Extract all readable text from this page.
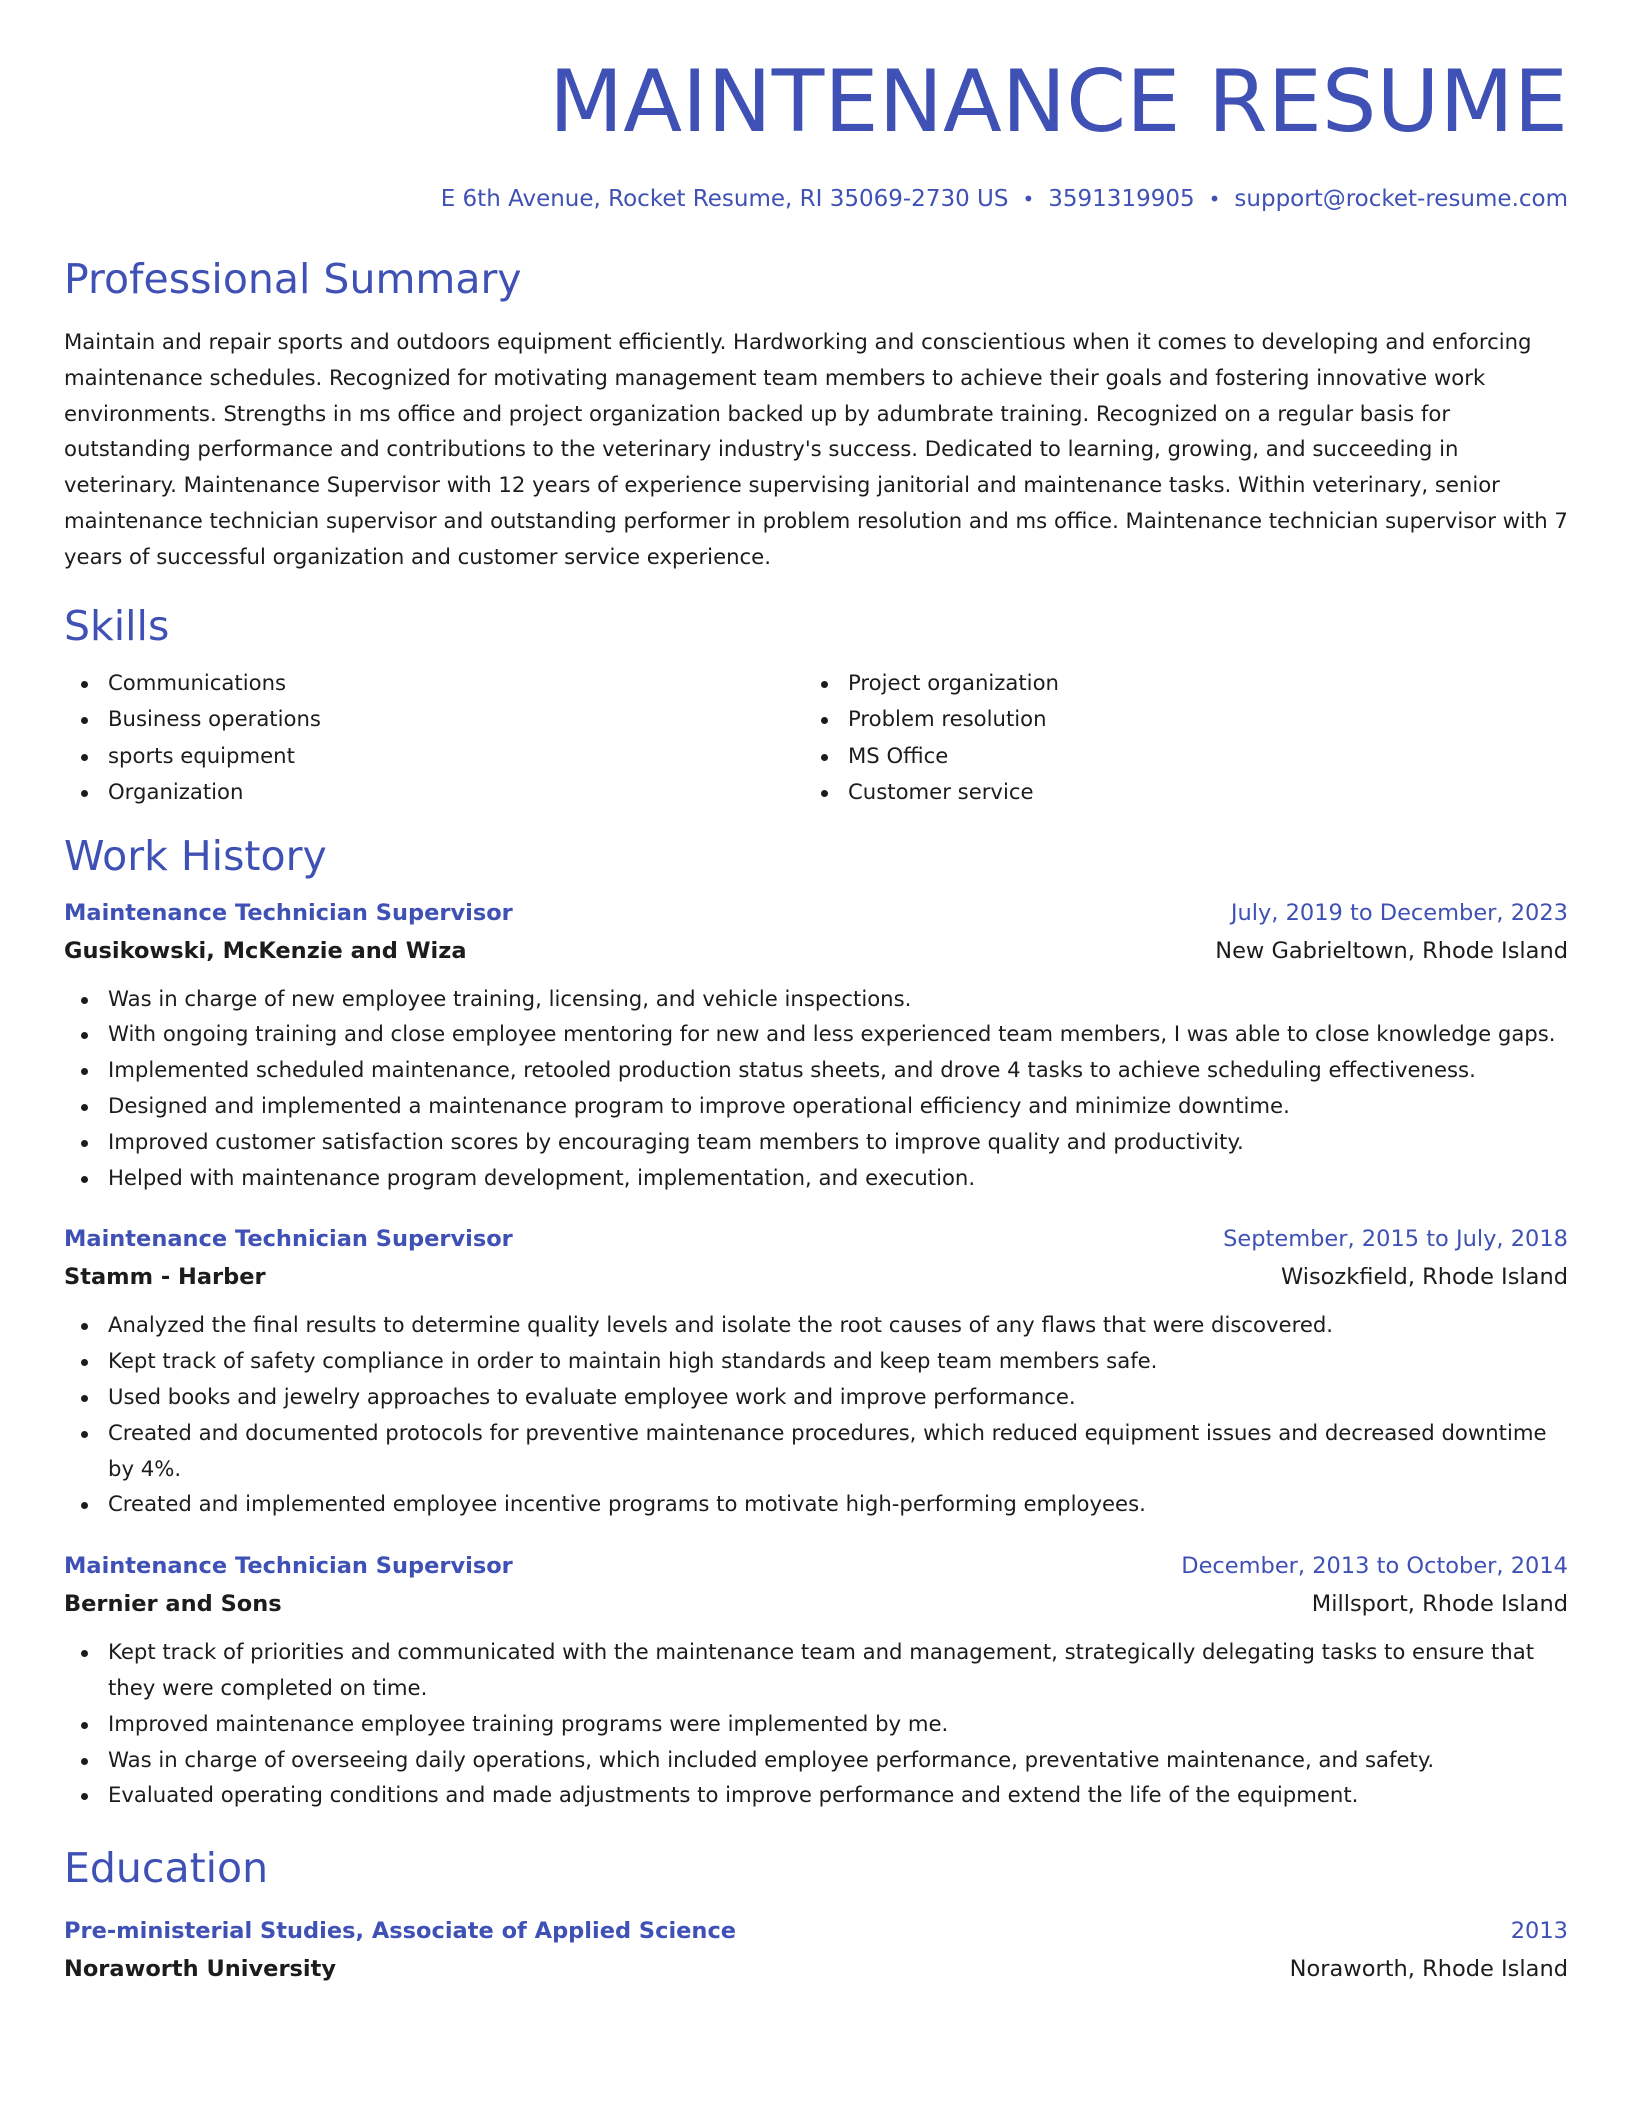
MAINTENANCE RESUME
E 6th Avenue, Rocket Resume, RI 35069-2730 US • 3591319905 • support@rocket-resume.com
Professional Summary
Maintain and repair sports and outdoors equipment efficiently. Hardworking and conscientious when it comes to developing and enforcing maintenance schedules. Recognized for motivating management team members to achieve their goals and fostering innovative work environments. Strengths in ms office and project organization backed up by adumbrate training. Recognized on a regular basis for outstanding performance and contributions to the veterinary industry's success. Dedicated to learning, growing, and succeeding in veterinary. Maintenance Supervisor with 12 years of experience supervising janitorial and maintenance tasks. Within veterinary, senior maintenance technician supervisor and outstanding performer in problem resolution and ms office. Maintenance technician supervisor with 7 years of successful organization and customer service experience.
Skills
Communications
Business operations
sports equipment
Organization
Project organization
Problem resolution
MS Office
Customer service
Work History
Maintenance Technician Supervisor	July, 2019 to December, 2023
Gusikowski, McKenzie and Wiza	New Gabrieltown, Rhode Island
Was in charge of new employee training, licensing, and vehicle inspections.
With ongoing training and close employee mentoring for new and less experienced team members, I was able to close knowledge gaps.
Implemented scheduled maintenance, retooled production status sheets, and drove 4 tasks to achieve scheduling effectiveness.
Designed and implemented a maintenance program to improve operational efficiency and minimize downtime.
Improved customer satisfaction scores by encouraging team members to improve quality and productivity.
Helped with maintenance program development, implementation, and execution.
Maintenance Technician Supervisor	September, 2015 to July, 2018
Stamm - Harber	Wisozkfield, Rhode Island
Analyzed the final results to determine quality levels and isolate the root causes of any flaws that were discovered.
Kept track of safety compliance in order to maintain high standards and keep team members safe.
Used books and jewelry approaches to evaluate employee work and improve performance.
Created and documented protocols for preventive maintenance procedures, which reduced equipment issues and decreased downtime by 4%.
Created and implemented employee incentive programs to motivate high-performing employees.
Maintenance Technician Supervisor	December, 2013 to October, 2014
Bernier and Sons	Millsport, Rhode Island
Kept track of priorities and communicated with the maintenance team and management, strategically delegating tasks to ensure that they were completed on time.
Improved maintenance employee training programs were implemented by me.
Was in charge of overseeing daily operations, which included employee performance, preventative maintenance, and safety.
Evaluated operating conditions and made adjustments to improve performance and extend the life of the equipment.
Education
Pre-ministerial Studies, Associate of Applied Science	2013
Noraworth University	Noraworth, Rhode Island
